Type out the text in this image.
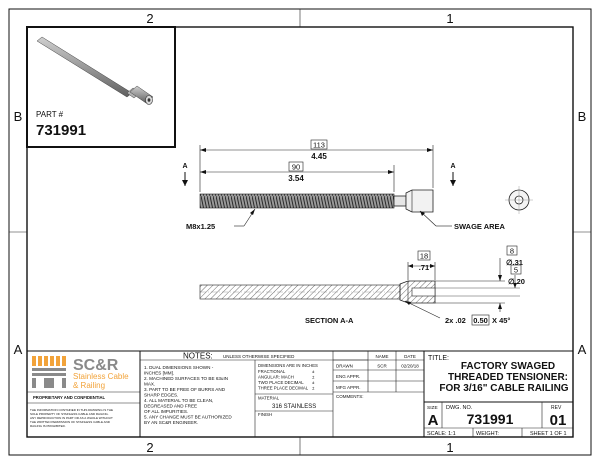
2	1
2	1
B
A
B
A
PART #
731991
113
4.45
90
3.54
A	A
M8x1.25	SWAGE AREA
18
.71
8
∅.31
5
∅.20
2x .02 0.50 X 45°
SECTION A-A
SC&R
Stainless Cable
& Railing
PROPRIETARY AND CONFIDENTIAL
THE INFORMATION CONTAINED IN THIS DRAWING IS THE
SOLE PROPERTY OF STAINLESS CABLE AND RAILING.
ANY REPRODUCTION IN PART OR AS A WHOLE WITHOUT
THE WRITTEN PERMISSION OF STAINLESS CABLE AND
RAILING IS PROHIBITED.
NOTES: UNLESS OTHERWISE SPECIFIED
1. DUAL DIMENSIONS SHOWN -
INCHES [MM].
2. MACHINED SURFACES TO BE 63uIN
MAX.
3. PART TO BE FREE OF BURRS AND
SHARP EDGES.
4. ALL MATERIAL TO BE CLEAN,
DEGREASED AND FREE
OF ALL IMPURITIES.
5. ANY CHANGE MUST BE AUTHORIZED
BY AN SC&R ENGINEER.
DIMENSIONS ARE IN INCHES
FRACTIONAL	±
ANGULAR: MACH	±
TWO PLACE DECIMAL ±
THREE PLACE DECIMAL ±
MATERIAL
316 STAINLESS
FINISH
NAME	DATE
DRAWN	SCR	02/20/18
ENG APPR.
MFG APPR.
COMMENTS:
TITLE:
FACTORY SWAGED
THREADED TENSIONER:
FOR 3/16" CABLE RAILING
SIZE
A
DWG. NO.
731991
REV
01
SCALE: 1:1	WEIGHT:	SHEET 1 OF 1
